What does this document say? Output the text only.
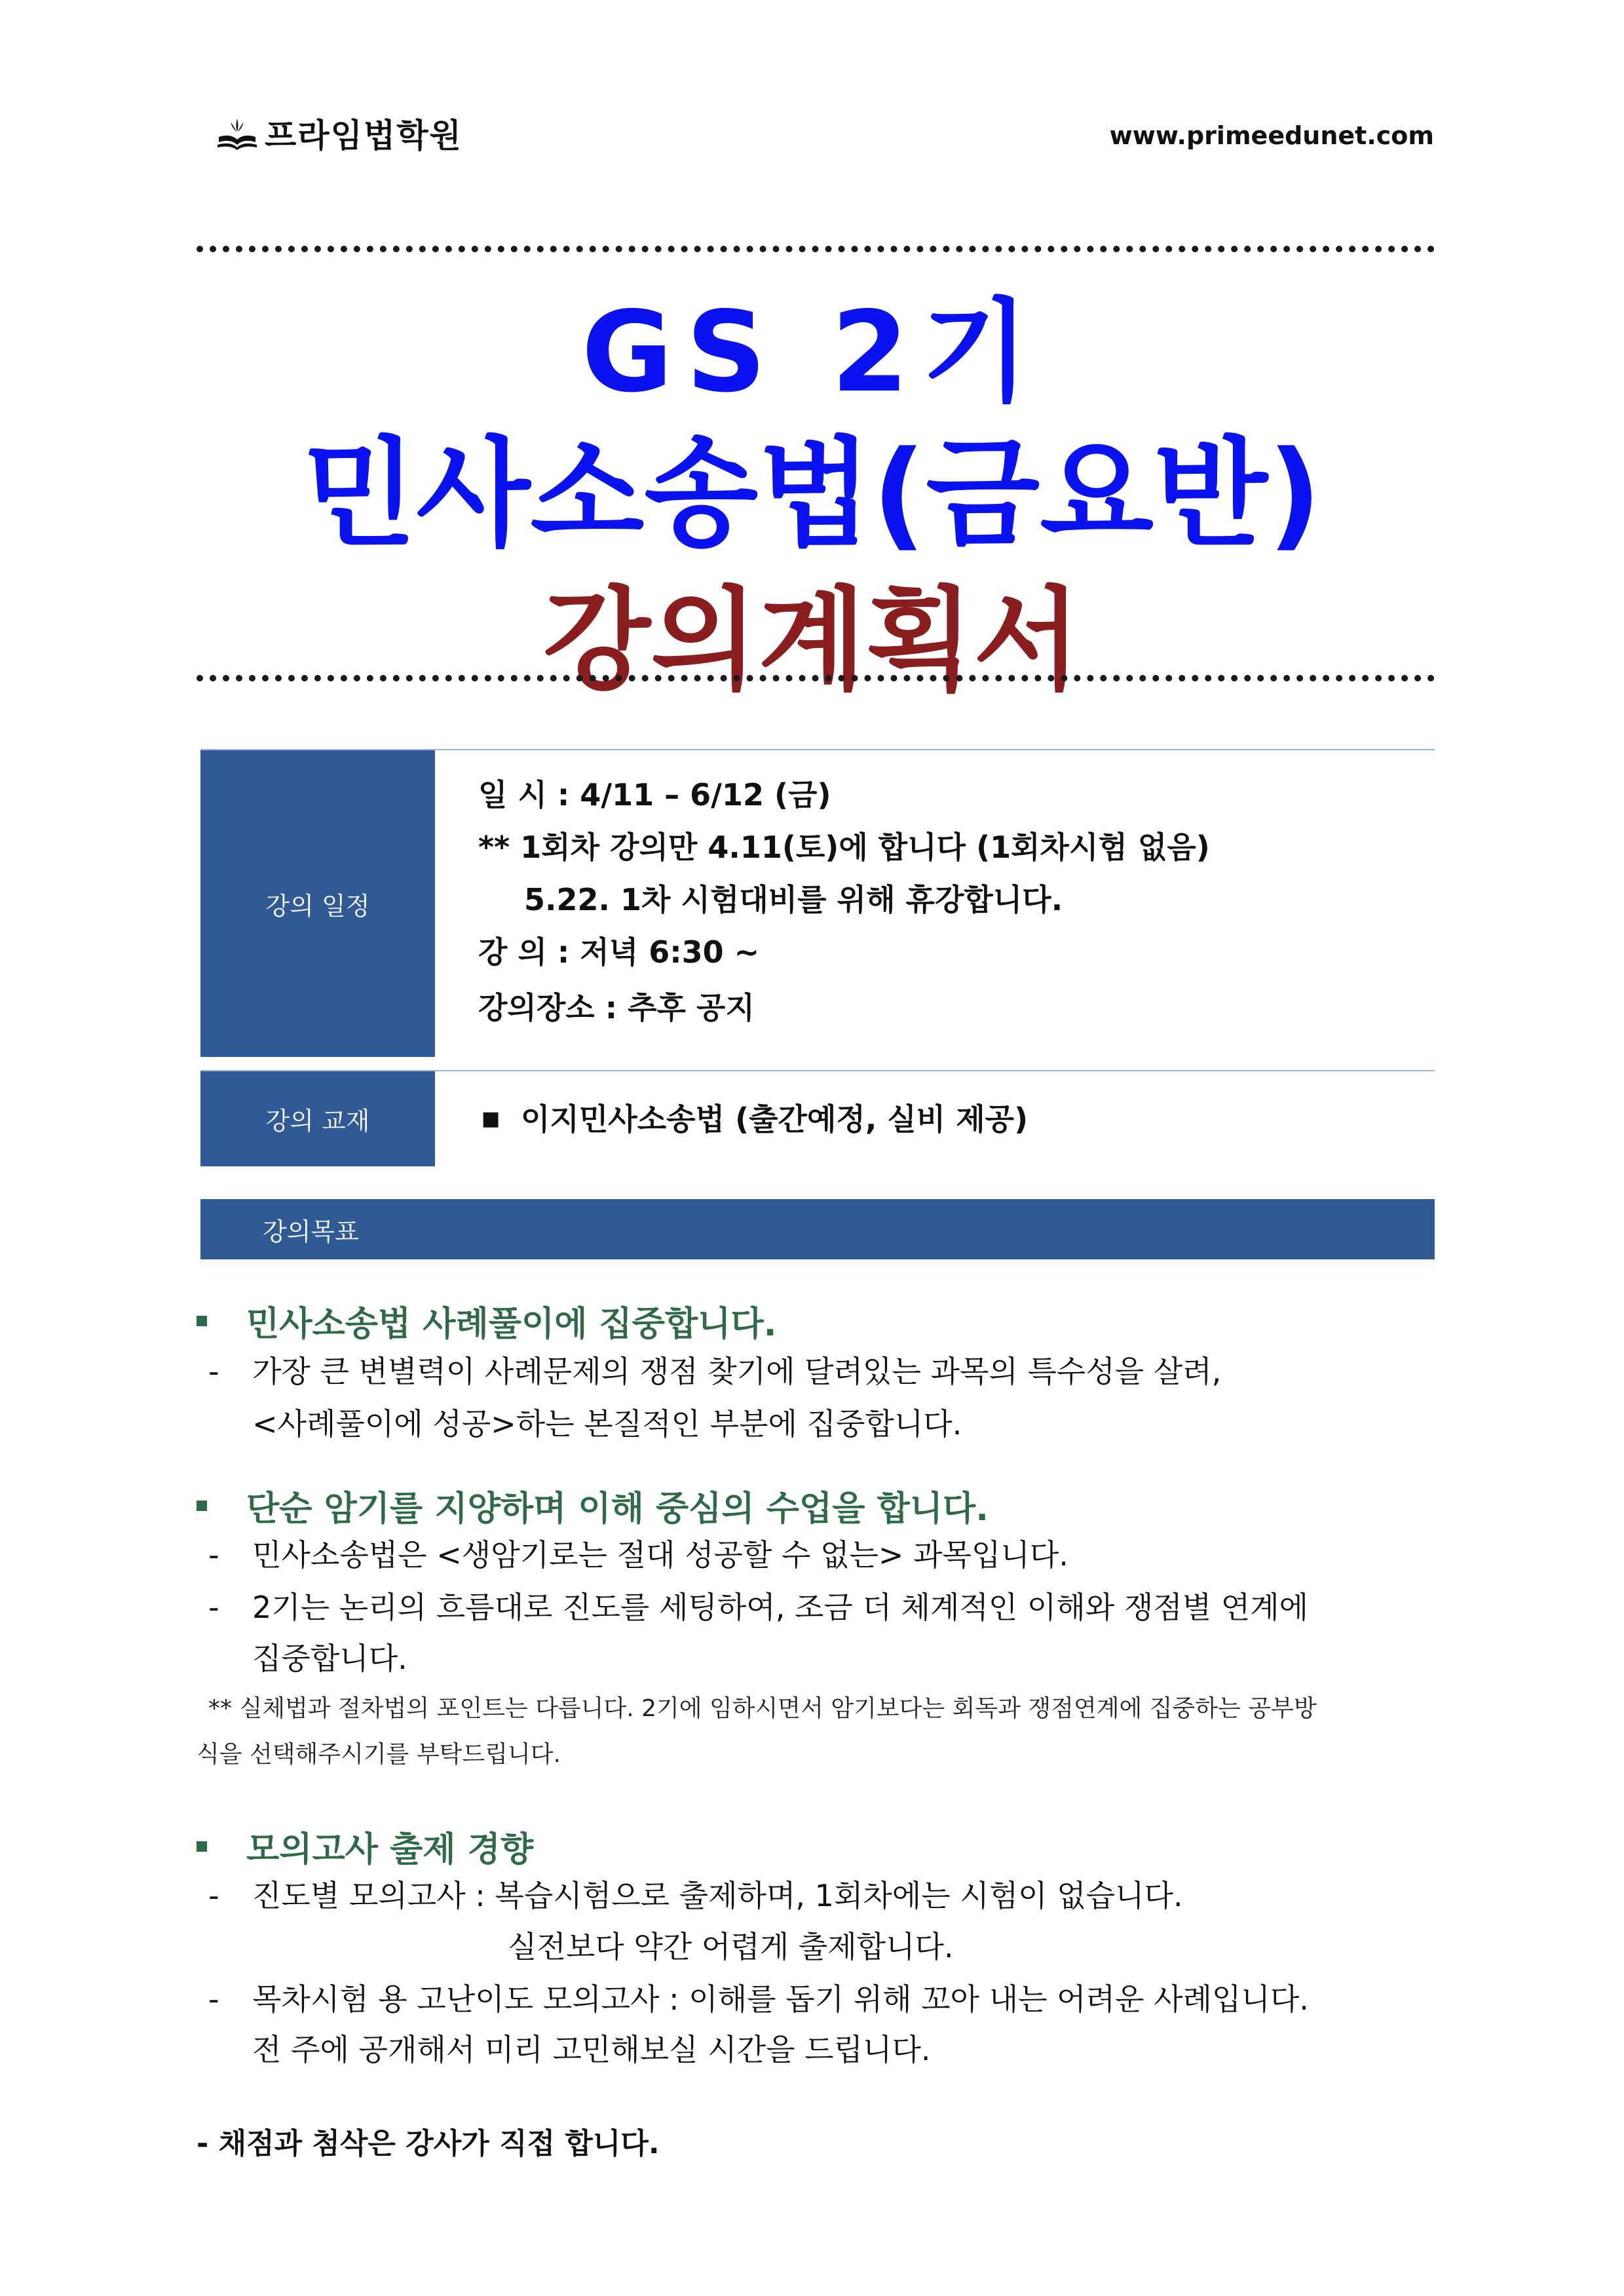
프라임법학원	www.primeedunet.com
GS 2기
민사소송법(금요반)
강의계획서
강의 일정
일 시 : 4/11 – 6/12 (금)
** 1회차 강의만 4.11(토)에 합니다 (1회차시험 없음)
5.22. 1차 시험대비를 위해 휴강합니다.
강 의 : 저녁 6:30 ~
강의장소 : 추후 공지
강의 교재	■ 이지민사소송법 (출간예정, 실비 제공)
강의목표
민사소송법 사례풀이에 집중합니다.
- 가장 큰 변별력이 사례문제의 쟁점 찾기에 달려있는 과목의 특수성을 살려,
<사례풀이에 성공>하는 본질적인 부분에 집중합니다.
단순 암기를 지양하며 이해 중심의 수업을 합니다.
- 민사소송법은 <생암기로는 절대 성공할 수 없는> 과목입니다.
- 2기는 논리의 흐름대로 진도를 세팅하여, 조금 더 체계적인 이해와 쟁점별 연계에
집중합니다.
** 실체법과 절차법의 포인트는 다릅니다. 2기에 임하시면서 암기보다는 회독과 쟁점연계에 집중하는 공부방
식을 선택해주시기를 부탁드립니다.
모의고사 출제 경향
- 진도별 모의고사 : 복습시험으로 출제하며, 1회차에는 시험이 없습니다.
실전보다 약간 어렵게 출제합니다.
- 목차시험 용 고난이도 모의고사 : 이해를 돕기 위해 꼬아 내는 어려운 사례입니다.
전 주에 공개해서 미리 고민해보실 시간을 드립니다.
- 채점과 첨삭은 강사가 직접 합니다.
